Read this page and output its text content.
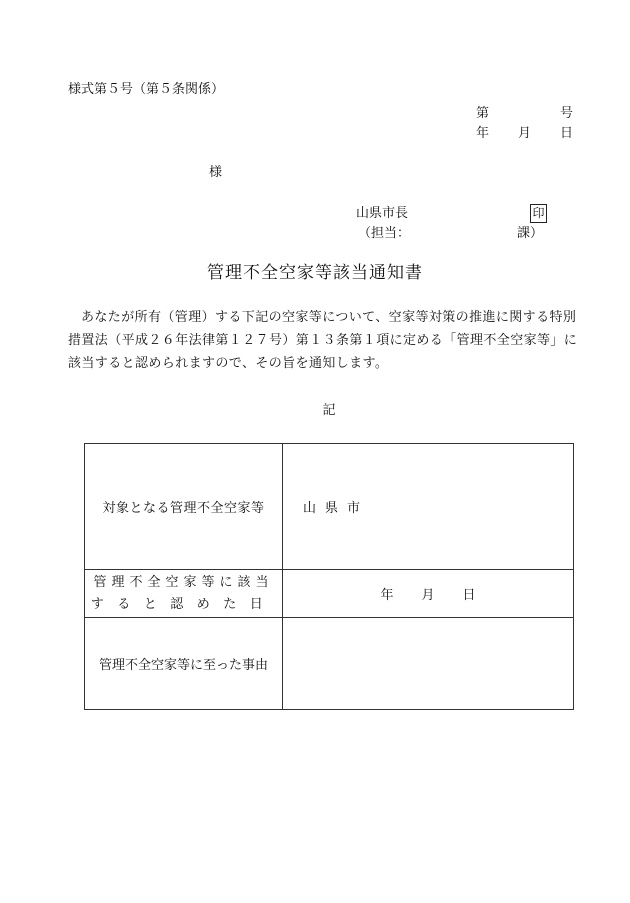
様式第５号（第５条関係）
第	号
年 月 日
様
山県市長	印
（担当：	課）
管理不全空家等該当通知書
あなたが所有（管理）する下記の空家等について、空家等対策の推進に関する特別措置法（平成２６年法律第１２７号）第１３条第１項に定める「管理不全空家等」に該当すると認められますので、その旨を通知します。
記
対象となる管理不全空家等	山県市

管理不全空家等に該当
すると認めた日	年 月 日
管理不全空家等に至った事由	
